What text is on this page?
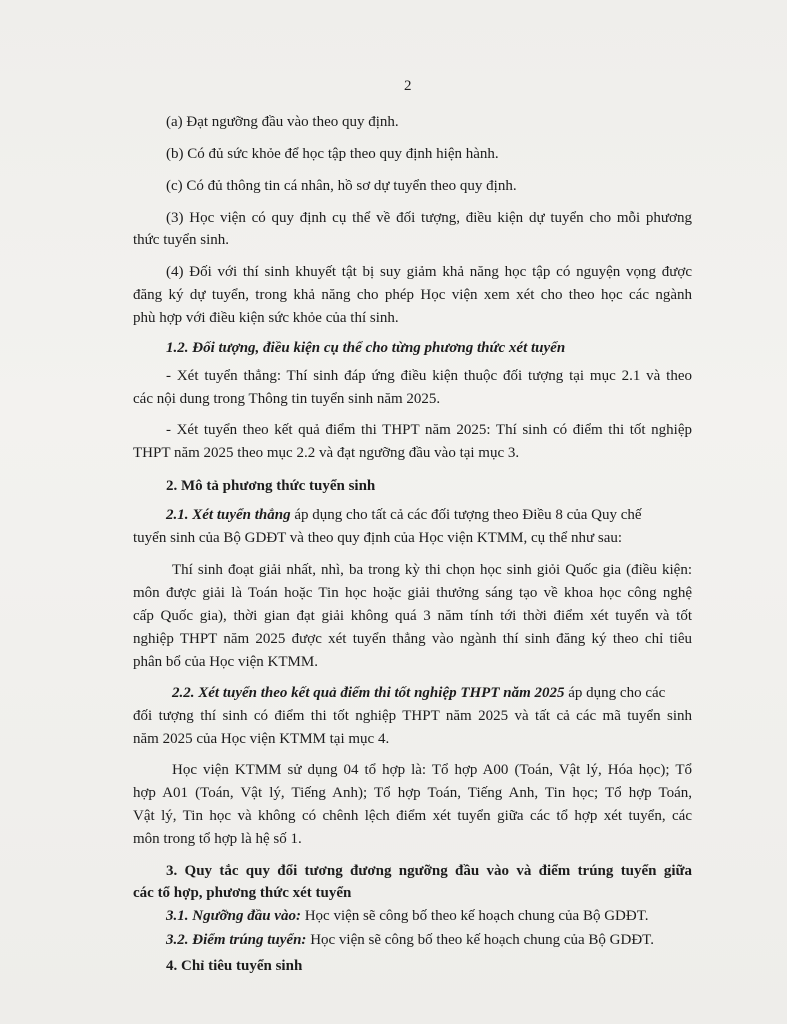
2

(a) Đạt ngưỡng đầu vào theo quy định.

(b) Có đủ sức khỏe để học tập theo quy định hiện hành.

(c) Có đủ thông tin cá nhân, hồ sơ dự tuyển theo quy định.

(3) Học viện có quy định cụ thể về đối tượng, điều kiện dự tuyển cho mỗi phương

thức tuyển sinh.

(4) Đối với thí sinh khuyết tật bị suy giảm khả năng học tập có nguyện vọng được

đăng ký dự tuyển, trong khả năng cho phép Học viện xem xét cho theo học các ngành

phù hợp với điều kiện sức khỏe của thí sinh.

1.2. Đối tượng, điều kiện cụ thể cho từng phương thức xét tuyển

- Xét tuyển thẳng: Thí sinh đáp ứng điều kiện thuộc đối tượng tại mục 2.1 và theo

các nội dung trong Thông tin tuyển sinh năm 2025.

- Xét tuyển theo kết quả điểm thi THPT năm 2025: Thí sinh có điểm thi tốt nghiệp

THPT năm 2025 theo mục 2.2 và đạt ngưỡng đầu vào tại mục 3.

2. Mô tả phương thức tuyển sinh

2.1. Xét tuyển thẳng áp dụng cho tất cả các đối tượng theo Điều 8 của Quy chế

tuyển sinh của Bộ GDĐT và theo quy định của Học viện KTMM, cụ thể như sau:

Thí sinh đoạt giải nhất, nhì, ba trong kỳ thi chọn học sinh giỏi Quốc gia (điều kiện:

môn được giải là Toán hoặc Tin học hoặc giải thưởng sáng tạo về khoa học công nghệ

cấp Quốc gia), thời gian đạt giải không quá 3 năm tính tới thời điểm xét tuyển và tốt

nghiệp THPT năm 2025 được xét tuyển thẳng vào ngành thí sinh đăng ký theo chỉ tiêu

phân bổ của Học viện KTMM.

2.2. Xét tuyển theo kết quả điểm thi tốt nghiệp THPT năm 2025 áp dụng cho các

đối tượng thí sinh có điểm thi tốt nghiệp THPT năm 2025 và tất cả các mã tuyển sinh

năm 2025 của Học viện KTMM tại mục 4.

Học viện KTMM sử dụng 04 tổ hợp là: Tổ hợp A00 (Toán, Vật lý, Hóa học); Tổ

hợp A01 (Toán, Vật lý, Tiếng Anh); Tổ hợp Toán, Tiếng Anh, Tin học; Tổ hợp Toán,

Vật lý, Tin học và không có chênh lệch điểm xét tuyển giữa các tổ hợp xét tuyển, các

môn trong tổ hợp là hệ số 1.

3. Quy tắc quy đổi tương đương ngưỡng đầu vào và điểm trúng tuyển giữa

các tổ hợp, phương thức xét tuyển

3.1. Ngưỡng đầu vào: Học viện sẽ công bố theo kế hoạch chung của Bộ GDĐT.

3.2. Điểm trúng tuyển: Học viện sẽ công bố theo kế hoạch chung của Bộ GDĐT.

4. Chỉ tiêu tuyển sinh
